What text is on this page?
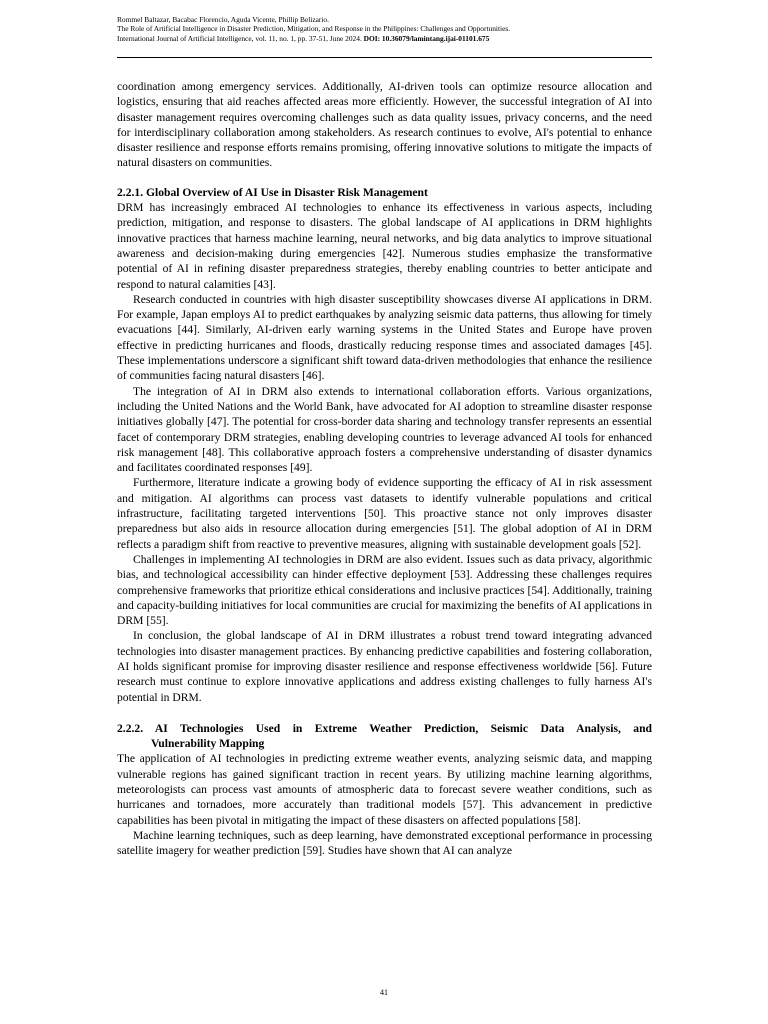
Rommel Baltazar, Bacabac Florencio, Aguda Vicente, Phillip Belizario.
The Role of Artificial Intelligence in Disaster Prediction, Mitigation, and Response in the Philippines: Challenges and Opportunities.
International Journal of Artificial Intelligence, vol. 11, no. 1, pp. 37-51, June 2024. DOI: 10.36079/lamintang.ijai-01101.675

coordination among emergency services. Additionally, AI-driven tools can optimize resource allocation and logistics, ensuring that aid reaches affected areas more efficiently. However, the successful integration of AI into disaster management requires overcoming challenges such as data quality issues, privacy concerns, and the need for interdisciplinary collaboration among stakeholders. As research continues to evolve, AI's potential to enhance disaster resilience and response efforts remains promising, offering innovative solutions to mitigate the impacts of natural disasters on communities.

2.2.1. Global Overview of AI Use in Disaster Risk Management

DRM has increasingly embraced AI technologies to enhance its effectiveness in various aspects, including prediction, mitigation, and response to disasters. The global landscape of AI applications in DRM highlights innovative practices that harness machine learning, neural networks, and big data analytics to improve situational awareness and decision-making during emergencies [42]. Numerous studies emphasize the transformative potential of AI in refining disaster preparedness strategies, thereby enabling countries to better anticipate and respond to natural calamities [43].

Research conducted in countries with high disaster susceptibility showcases diverse AI applications in DRM. For example, Japan employs AI to predict earthquakes by analyzing seismic data patterns, thus allowing for timely evacuations [44]. Similarly, AI-driven early warning systems in the United States and Europe have proven effective in predicting hurricanes and floods, drastically reducing response times and associated damages [45]. These implementations underscore a significant shift toward data-driven methodologies that enhance the resilience of communities facing natural disasters [46].

The integration of AI in DRM also extends to international collaboration efforts. Various organizations, including the United Nations and the World Bank, have advocated for AI adoption to streamline disaster response initiatives globally [47]. The potential for cross-border data sharing and technology transfer represents an essential facet of contemporary DRM strategies, enabling developing countries to leverage advanced AI tools for enhanced risk management [48]. This collaborative approach fosters a comprehensive understanding of disaster dynamics and facilitates coordinated responses [49].

Furthermore, literature indicate a growing body of evidence supporting the efficacy of AI in risk assessment and mitigation. AI algorithms can process vast datasets to identify vulnerable populations and critical infrastructure, facilitating targeted interventions [50]. This proactive stance not only improves disaster preparedness but also aids in resource allocation during emergencies [51]. The global adoption of AI in DRM reflects a paradigm shift from reactive to preventive measures, aligning with sustainable development goals [52].

Challenges in implementing AI technologies in DRM are also evident. Issues such as data privacy, algorithmic bias, and technological accessibility can hinder effective deployment [53]. Addressing these challenges requires comprehensive frameworks that prioritize ethical considerations and inclusive practices [54]. Additionally, training and capacity-building initiatives for local communities are crucial for maximizing the benefits of AI applications in DRM [55].

In conclusion, the global landscape of AI in DRM illustrates a robust trend toward integrating advanced technologies into disaster management practices. By enhancing predictive capabilities and fostering collaboration, AI holds significant promise for improving disaster resilience and response effectiveness worldwide [56]. Future research must continue to explore innovative applications and address existing challenges to fully harness AI's potential in DRM.

2.2.2. AI Technologies Used in Extreme Weather Prediction, Seismic Data Analysis, and
Vulnerability Mapping

The application of AI technologies in predicting extreme weather events, analyzing seismic data, and mapping vulnerable regions has gained significant traction in recent years. By utilizing machine learning algorithms, meteorologists can process vast amounts of atmospheric data to forecast severe weather conditions, such as hurricanes and tornadoes, more accurately than traditional models [57]. This advancement in predictive capabilities has been pivotal in mitigating the impact of these disasters on affected populations [58].

Machine learning techniques, such as deep learning, have demonstrated exceptional performance in processing satellite imagery for weather prediction [59]. Studies have shown that AI can analyze

41
